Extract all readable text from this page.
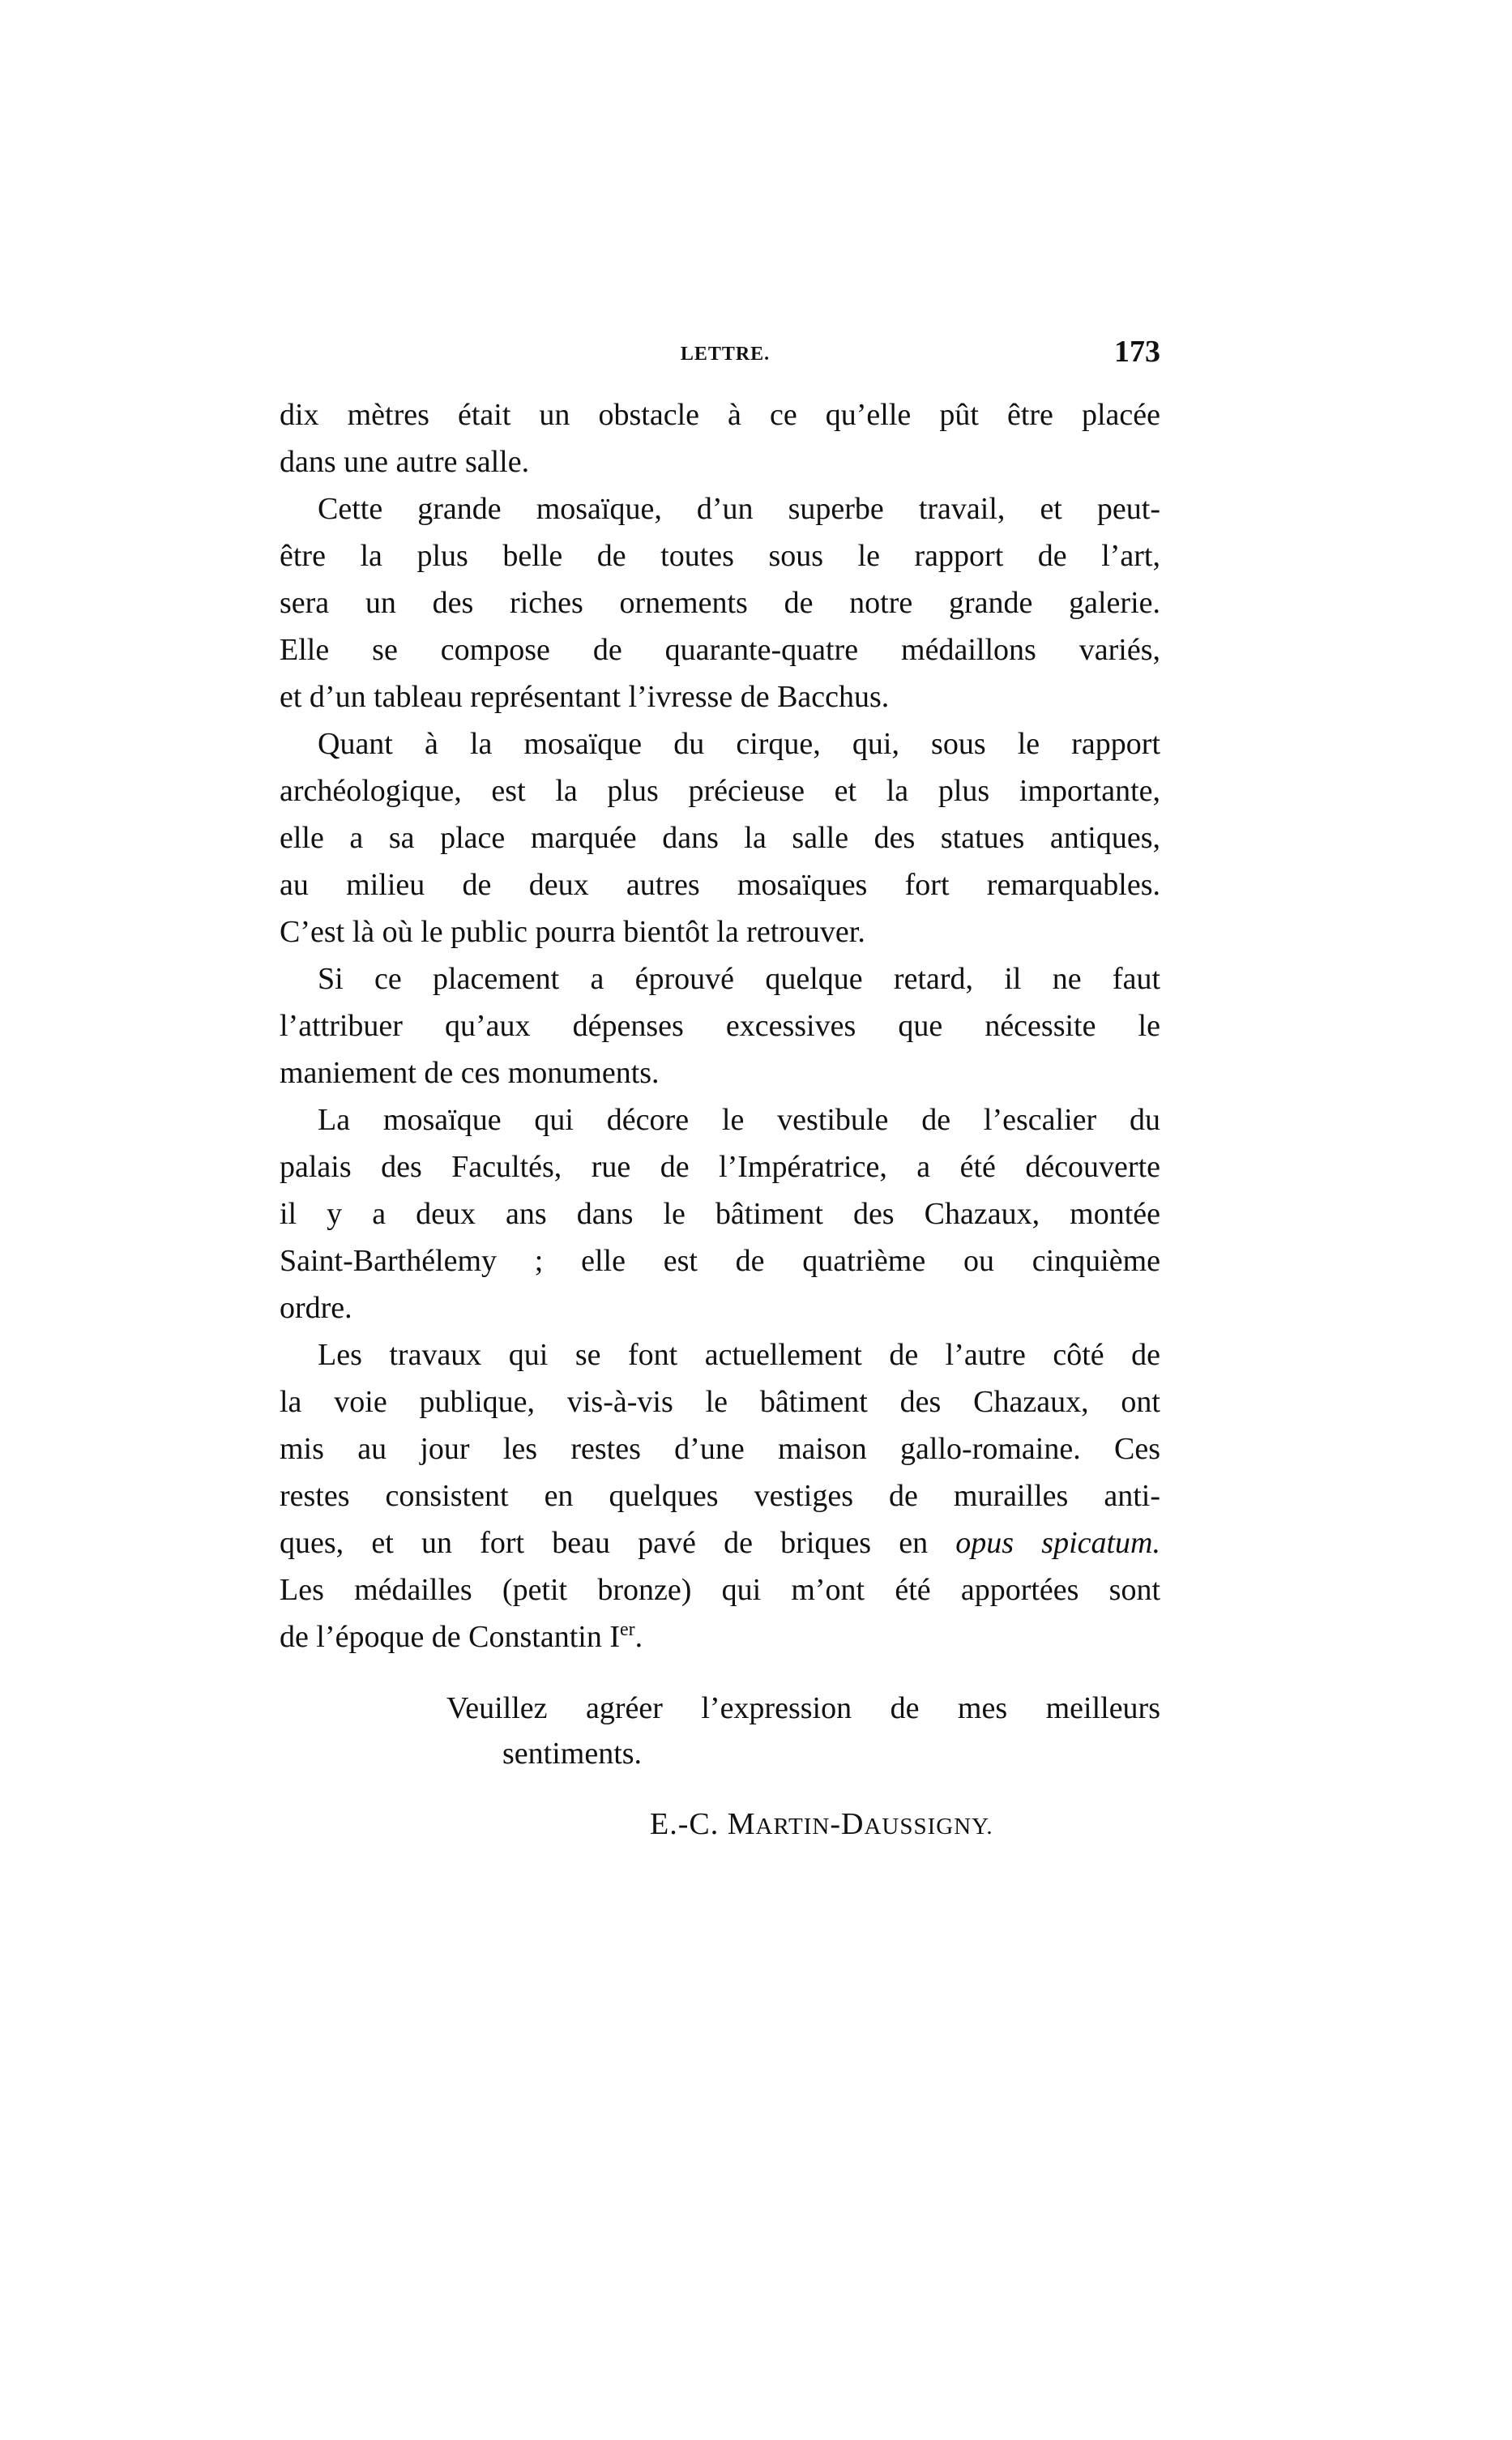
LETTRE.	173
dix mètres était un obstacle à ce qu’elle pût être placée
dans une autre salle.
Cette grande mosaïque, d’un superbe travail, et peut-
être la plus belle de toutes sous le rapport de l’art,
sera un des riches ornements de notre grande galerie.
Elle se compose de quarante-quatre médaillons variés,
et d’un tableau représentant l’ivresse de Bacchus.
Quant à la mosaïque du cirque, qui, sous le rapport
archéologique, est la plus précieuse et la plus importante,
elle a sa place marquée dans la salle des statues antiques,
au milieu de deux autres mosaïques fort remarquables.
C’est là où le public pourra bientôt la retrouver.
Si ce placement a éprouvé quelque retard, il ne faut
l’attribuer qu’aux dépenses excessives que nécessite le
maniement de ces monuments.
La mosaïque qui décore le vestibule de l’escalier du
palais des Facultés, rue de l’Impératrice, a été découverte
il y a deux ans dans le bâtiment des Chazaux, montée
Saint-Barthélemy ; elle est de quatrième ou cinquième
ordre.
Les travaux qui se font actuellement de l’autre côté de
la voie publique, vis-à-vis le bâtiment des Chazaux, ont
mis au jour les restes d’une maison gallo-romaine. Ces
restes consistent en quelques vestiges de murailles anti-
ques, et un fort beau pavé de briques en opus spicatum.
Les médailles (petit bronze) qui m’ont été apportées sont
de l’époque de Constantin Ier.
Veuillez agréer l’expression de mes meilleurs
sentiments.
E.-C. MARTIN-DAUSSIGNY.
